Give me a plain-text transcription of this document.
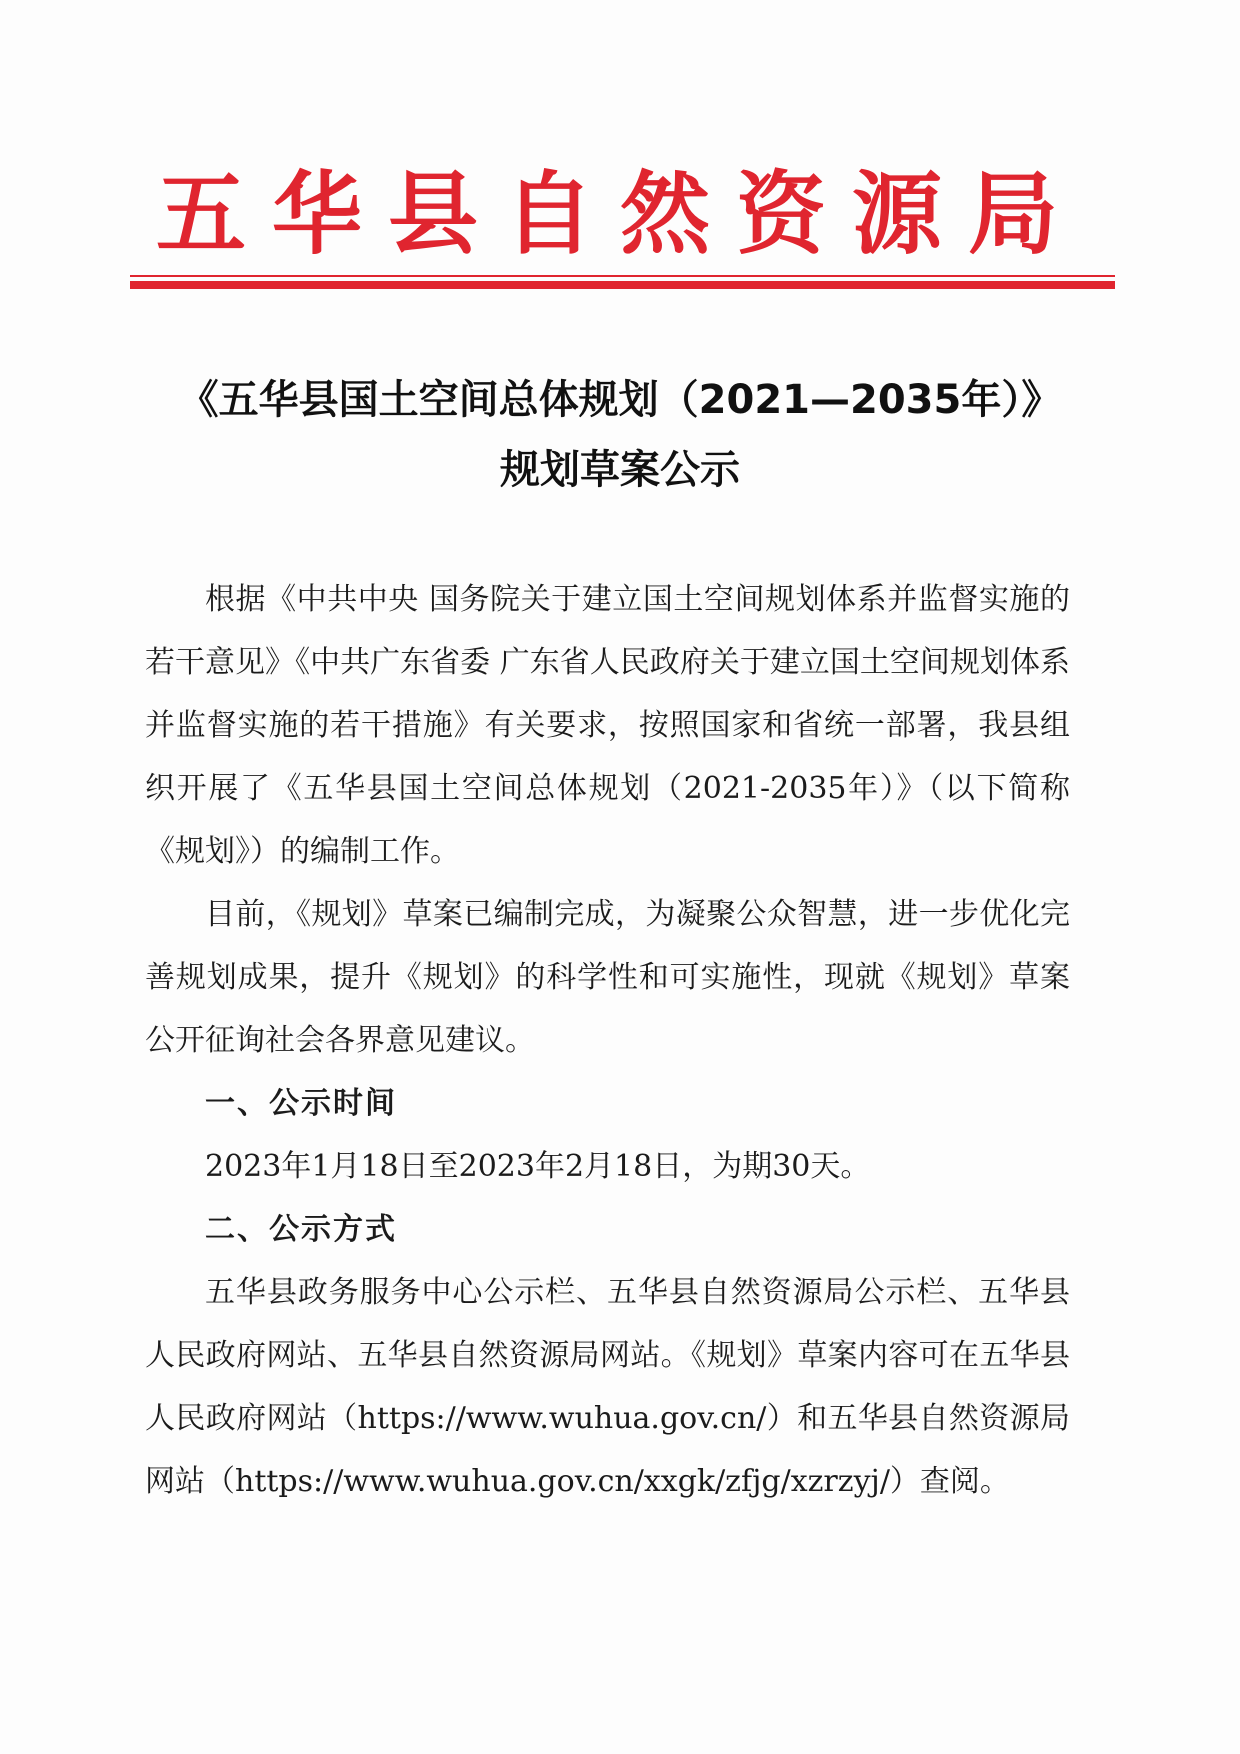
五华县自然资源局
《五华县国土空间总体规划（2021—2035年）》
规划草案公示

根据《中共中央 国务院关于建立国土空间规划体系并监督实施的若干意见》《中共广东省委 广东省人民政府关于建立国土空间规划体系并监督实施的若干措施》有关要求，按照国家和省统一部署，我县组织开展了《五华县国土空间总体规划（2021-2035年）》（以下简称《规划》）的编制工作。

目前，《规划》草案已编制完成，为凝聚公众智慧，进一步优化完善规划成果，提升《规划》的科学性和可实施性，现就《规划》草案公开征询社会各界意见建议。

一、公示时间

2023年1月18日至2023年2月18日，为期30天。

二、公示方式

五华县政务服务中心公示栏、五华县自然资源局公示栏、五华县人民政府网站、五华县自然资源局网站。《规划》草案内容可在五华县人民政府网站（https://www.wuhua.gov.cn/）和五华县自然资源局网站（https://www.wuhua.gov.cn/xxgk/zfjg/xzrzyj/）查阅。
